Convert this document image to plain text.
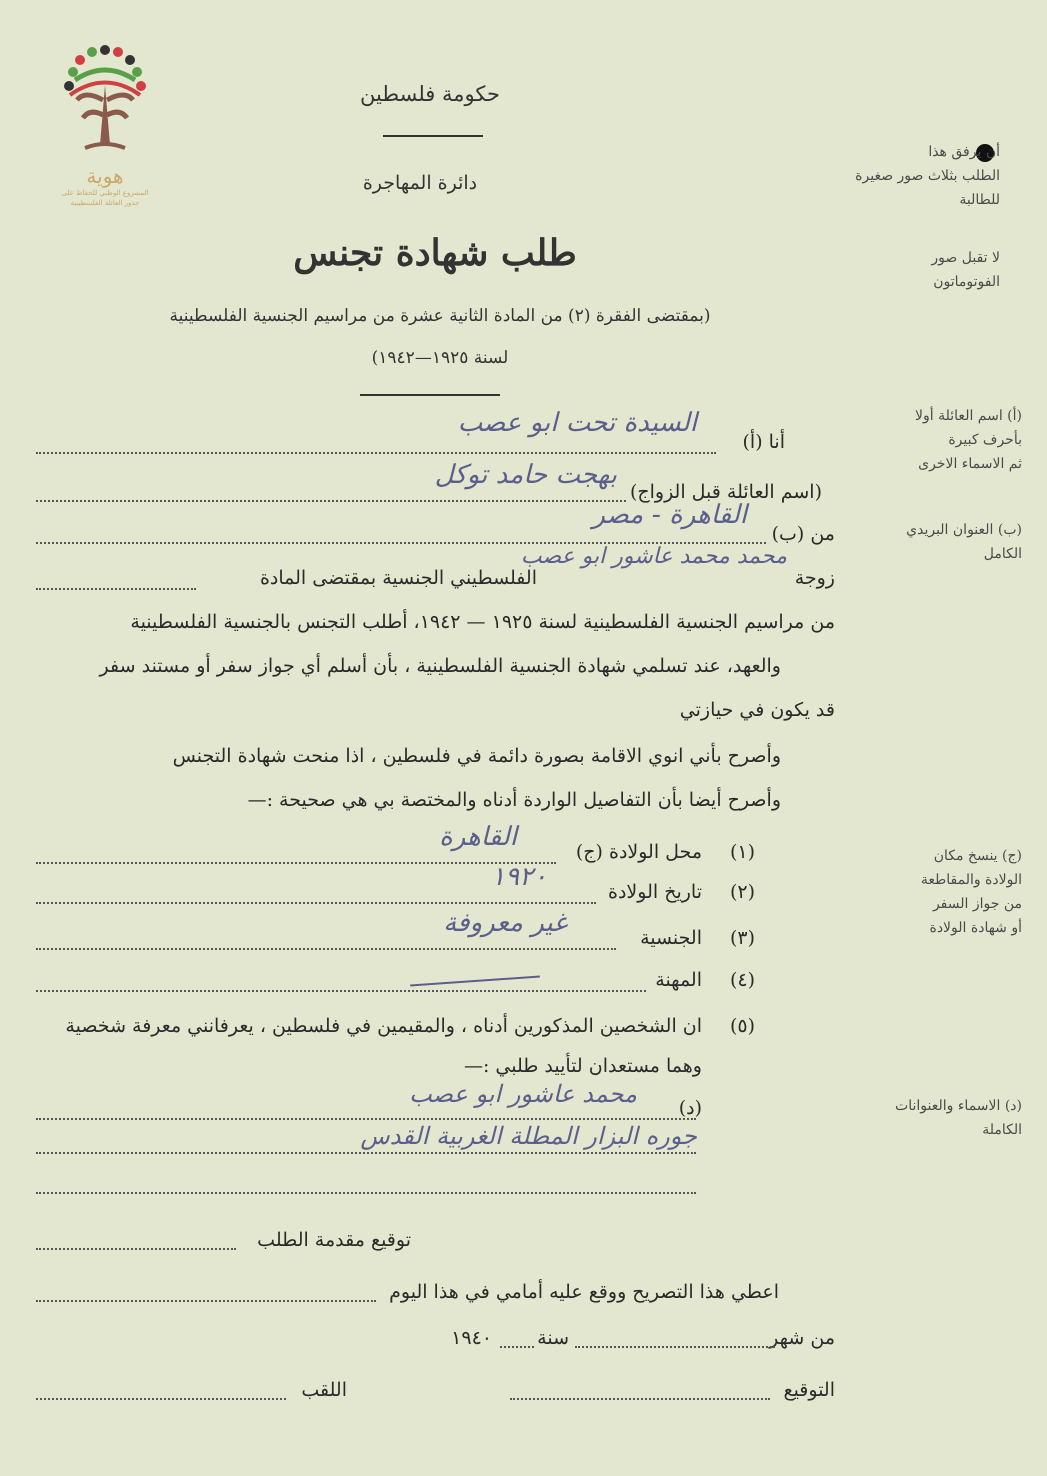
هوية
المشروع الوطني للحفاظ على
جذور العائلة الفلسطينية
حكومة فلسطين
دائرة المهاجرة
طلب شهادة تجنس
(بمقتضى الفقرة (٢) من المادة الثانية عشرة من مراسيم الجنسية الفلسطينية
لسنة ١٩٢٥—١٩٤٢)
أن يرفق هذا
الطلب بثلاث صور صغيرة
للطالبة
لا تقبل صور
الفوتوماتون
(أ) اسم العائلة أولا
بأحرف كبيرة
ثم الاسماء الاخرى
(ب) العنوان البريدي
الكامل
(ج) ينسخ مكان
الولادة والمقاطعة
من جواز السفر
أو شهادة الولادة
(د) الاسماء والعنوانات
الكاملة
أنا (أ)
السيدة تحت ابو عصب
(اسم العائلة قبل الزواج)
بهجت حامد توكل
من (ب)
القاهرة - مصر
زوجة
محمد محمد عاشور ابو عصب
الفلسطيني الجنسية بمقتضى المادة
من مراسيم الجنسية الفلسطينية لسنة ١٩٢٥ — ١٩٤٢، أطلب التجنس بالجنسية الفلسطينية
والعهد، عند تسلمي شهادة الجنسية الفلسطينية ، بأن أسلم أي جواز سفر أو مستند سفر
قد يكون في حيازتي
وأصرح بأني انوي الاقامة بصورة دائمة في فلسطين ، اذا منحت شهادة التجنس
وأصرح أيضا بأن التفاصيل الواردة أدناه والمختصة بي هي صحيحة :—
(١)
محل الولادة (ج)
القاهرة
(٢)
تاريخ الولادة
١٩٢٠
(٣)
الجنسية
غير معروفة
(٤)
المهنة
(٥)
ان الشخصين المذكورين أدناه ، والمقيمين في فلسطين ، يعرفانني معرفة شخصية
وهما مستعدان لتأييد طلبي :—
(د)
محمد عاشور ابو عصب
جوره البزار المطلة الغربية القدس
توقيع مقدمة الطلب
اعطي هذا التصريح ووقع عليه أمامي في هذا اليوم
من شهر
سنة
١٩٤٠
التوقيع
اللقب
